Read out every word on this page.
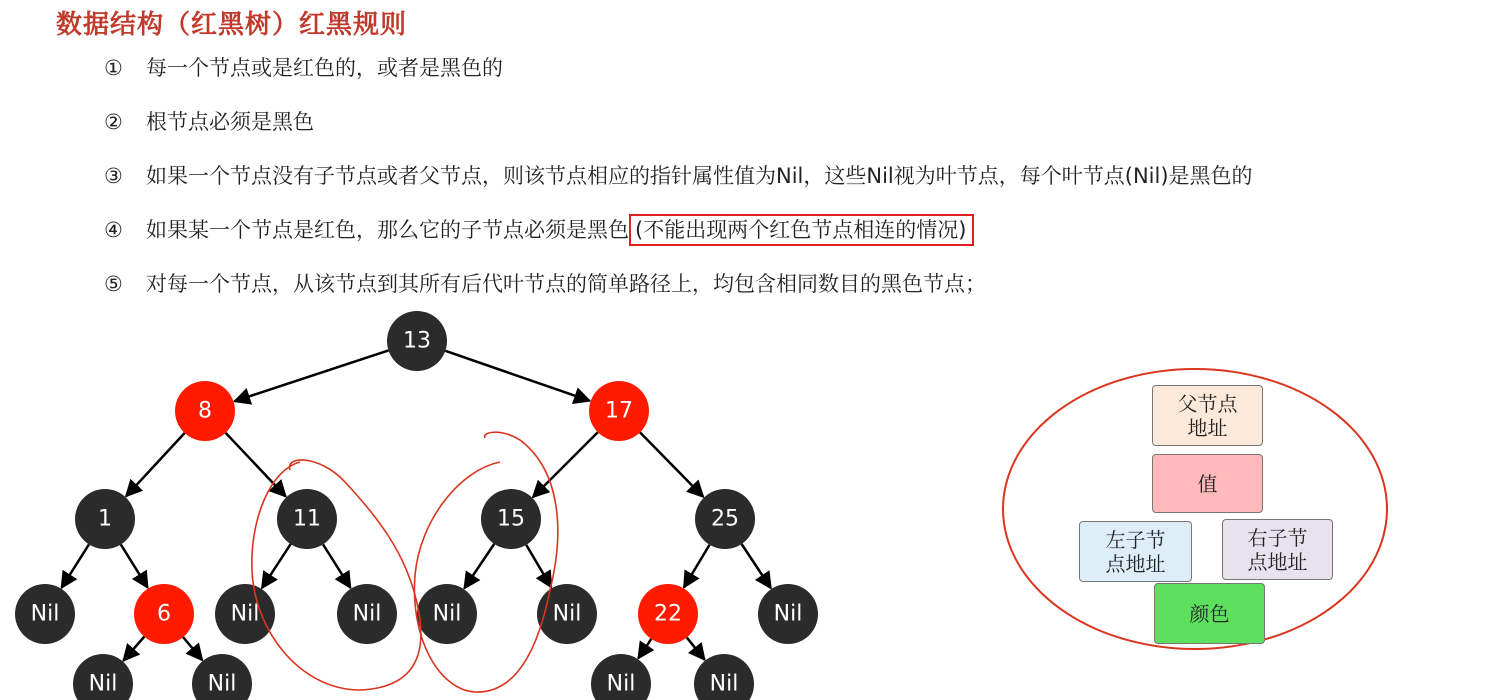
数据结构（红黑树）红黑规则
① 每一个节点或是红色的，或者是黑色的
② 根节点必须是黑色
③ 如果一个节点没有子节点或者父节点，则该节点相应的指针属性值为Nil，这些Nil视为叶节点，每个叶节点(Nil)是黑色的
④ 如果某一个节点是红色，那么它的子节点必须是黑色 (不能出现两个红色节点相连的情况)
⑤ 对每一个节点，从该节点到其所有后代叶节点的简单路径上，均包含相同数目的黑色节点；
13
8	17
1	11	15	25
Nil	6	Nil	Nil Nil	Nil	22	Nil
Nil	Nil	Nil	Nil
父节点
地址
值
左子节
点地址
右子节
点地址
颜色
